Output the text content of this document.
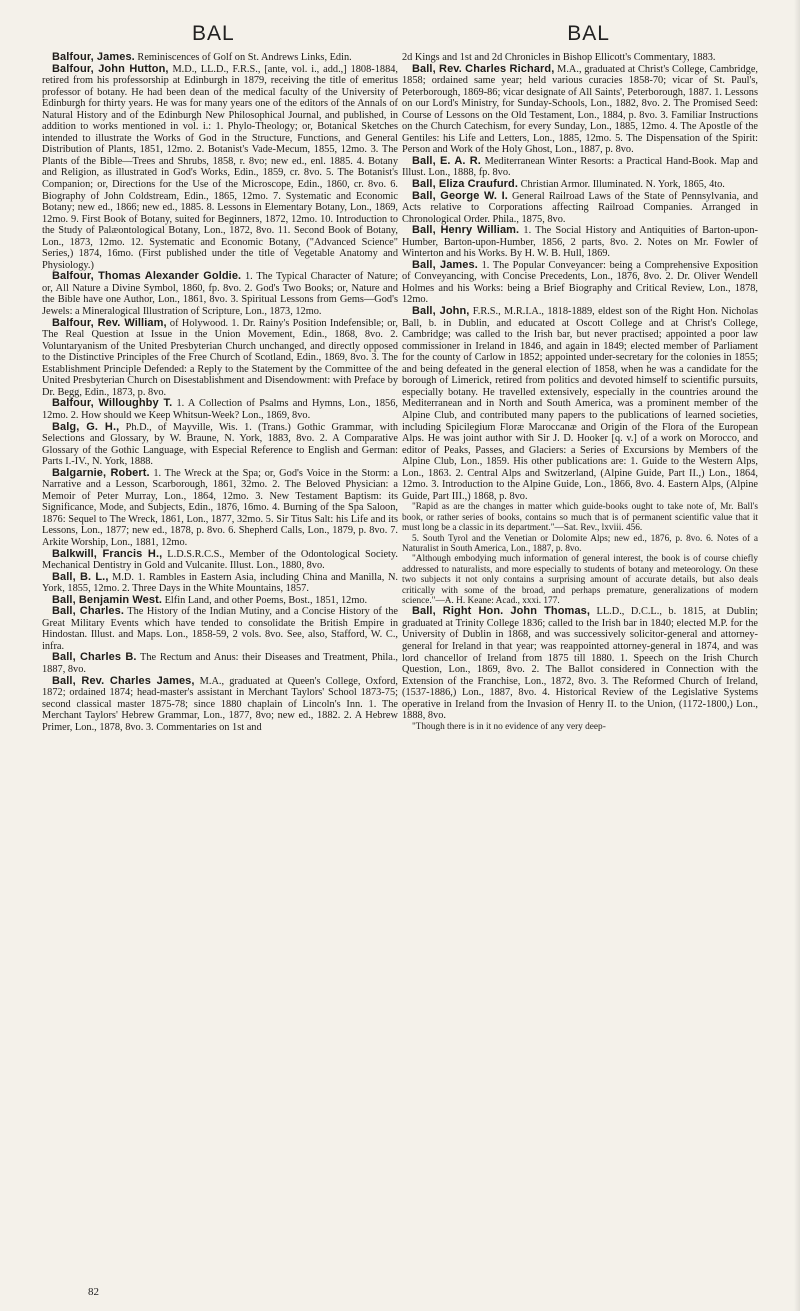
BAL	BAL
Balfour, James. Reminiscences of Golf on St. Andrews Links, Edin.
Balfour, John Hutton, M.D., LL.D., F.R.S., [ante, vol. i., add.,] 1808-1884, retired from his professorship at Edinburgh in 1879, receiving the title of emeritus professor of botany. He had been dean of the medical faculty of the University of Edinburgh for thirty years. He was for many years one of the editors of the Annals of Natural History and of the Edinburgh New Philosophical Journal, and published, in addition to works mentioned in vol. i.: 1. Phylo-Theology; or, Botanical Sketches intended to illustrate the Works of God in the Structure, Functions, and General Distribution of Plants, 1851, 12mo. 2. Botanist's Vade-Mecum, 1855, 12mo. 3. The Plants of the Bible—Trees and Shrubs, 1858, r. 8vo; new ed., enl. 1885. 4. Botany and Religion, as illustrated in God's Works, Edin., 1859, cr. 8vo. 5. The Botanist's Companion; or, Directions for the Use of the Microscope, Edin., 1860, cr. 8vo. 6. Biography of John Coldstream, Edin., 1865, 12mo. 7. Systematic and Economic Botany; new ed., 1866; new ed., 1885. 8. Lessons in Elementary Botany, Lon., 1869, 12mo. 9. First Book of Botany, suited for Beginners, 1872, 12mo. 10. Introduction to the Study of Palæontological Botany, Lon., 1872, 8vo. 11. Second Book of Botany, Lon., 1873, 12mo. 12. Systematic and Economic Botany, ("Advanced Science" Series,) 1874, 16mo. (First published under the title of Vegetable Anatomy and Physiology.)
Balfour, Thomas Alexander Goldie. 1. The Typical Character of Nature; or, All Nature a Divine Symbol, 1860, fp. 8vo. 2. God's Two Books; or, Nature and the Bible have one Author, Lon., 1861, 8vo. 3. Spiritual Lessons from Gems—God's Jewels: a Mineralogical Illustration of Scripture, Lon., 1873, 12mo.
Balfour, Rev. William, of Holywood. 1. Dr. Rainy's Position Indefensible; or, The Real Question at Issue in the Union Movement, Edin., 1868, 8vo. 2. Voluntaryanism of the United Presbyterian Church unchanged, and directly opposed to the Distinctive Principles of the Free Church of Scotland, Edin., 1869, 8vo. 3. The Establishment Principle Defended: a Reply to the Statement by the Committee of the United Presbyterian Church on Disestablishment and Disendowment: with Preface by Dr. Begg, Edin., 1873, p. 8vo.
Balfour, Willoughby T. 1. A Collection of Psalms and Hymns, Lon., 1856, 12mo. 2. How should we Keep Whitsun-Week? Lon., 1869, 8vo.
Balg, G. H., Ph.D., of Mayville, Wis. 1. (Trans.) Gothic Grammar, with Selections and Glossary, by W. Braune, N. York, 1883, 8vo. 2. A Comparative Glossary of the Gothic Language, with Especial Reference to English and German: Parts I.-IV., N. York, 1888.
Balgarnie, Robert. 1. The Wreck at the Spa; or, God's Voice in the Storm: a Narrative and a Lesson, Scarborough, 1861, 32mo. 2. The Beloved Physician: a Memoir of Peter Murray, Lon., 1864, 12mo. 3. New Testament Baptism: its Significance, Mode, and Subjects, Edin., 1876, 16mo. 4. Burning of the Spa Saloon, 1876: Sequel to The Wreck, 1861, Lon., 1877, 32mo. 5. Sir Titus Salt: his Life and its Lessons, Lon., 1877; new ed., 1878, p. 8vo. 6. Shepherd Calls, Lon., 1879, p. 8vo. 7. Arkite Worship, Lon., 1881, 12mo.
Balkwill, Francis H., L.D.S.R.C.S., Member of the Odontological Society. Mechanical Dentistry in Gold and Vulcanite. Illust. Lon., 1880, 8vo.
Ball, B. L., M.D. 1. Rambles in Eastern Asia, including China and Manilla, N. York, 1855, 12mo. 2. Three Days in the White Mountains, 1857.
Ball, Benjamin West. Elfin Land, and other Poems, Bost., 1851, 12mo.
Ball, Charles. The History of the Indian Mutiny, and a Concise History of the Great Military Events which have tended to consolidate the British Empire in Hindostan. Illust. and Maps. Lon., 1858-59, 2 vols. 8vo. See, also, Stafford, W. C., infra.
Ball, Charles B. The Rectum and Anus: their Diseases and Treatment, Phila., 1887, 8vo.
Ball, Rev. Charles James, M.A., graduated at Queen's College, Oxford, 1872; ordained 1874; head-master's assistant in Merchant Taylors' School 1873-75; second classical master 1875-78; since 1880 chaplain of Lincoln's Inn. 1. The Merchant Taylors' Hebrew Grammar, Lon., 1877, 8vo; new ed., 1882. 2. A Hebrew Primer, Lon., 1878, 8vo. 3. Commentaries on 1st and
2d Kings and 1st and 2d Chronicles in Bishop Ellicott's Commentary, 1883.
Ball, Rev. Charles Richard, M.A., graduated at Christ's College, Cambridge, 1858; ordained same year; held various curacies 1858-70; vicar of St. Paul's, Peterborough, 1869-86; vicar designate of All Saints', Peterborough, 1887. 1. Lessons on our Lord's Ministry, for Sunday-Schools, Lon., 1882, 8vo. 2. The Promised Seed: Course of Lessons on the Old Testament, Lon., 1884, p. 8vo. 3. Familiar Instructions on the Church Catechism, for every Sunday, Lon., 1885, 12mo. 4. The Apostle of the Gentiles: his Life and Letters, Lon., 1885, 12mo. 5. The Dispensation of the Spirit: Person and Work of the Holy Ghost, Lon., 1887, p. 8vo.
Ball, E. A. R. Mediterranean Winter Resorts: a Practical Hand-Book. Map and Illust. Lon., 1888, fp. 8vo.
Ball, Eliza Craufurd. Christian Armor. Illuminated. N. York, 1865, 4to.
Ball, George W. I. General Railroad Laws of the State of Pennsylvania, and Acts relative to Corporations affecting Railroad Companies. Arranged in Chronological Order. Phila., 1875, 8vo.
Ball, Henry William. 1. The Social History and Antiquities of Barton-upon-Humber, Barton-upon-Humber, 1856, 2 parts, 8vo. 2. Notes on Mr. Fowler of Winterton and his Works. By H. W. B. Hull, 1869.
Ball, James. 1. The Popular Conveyancer: being a Comprehensive Exposition of Conveyancing, with Concise Precedents, Lon., 1876, 8vo. 2. Dr. Oliver Wendell Holmes and his Works: being a Brief Biography and Critical Review, Lon., 1878, 12mo.
Ball, John, F.R.S., M.R.I.A., 1818-1889, eldest son of the Right Hon. Nicholas Ball, b. in Dublin, and educated at Oscott College and at Christ's College, Cambridge; was called to the Irish bar, but never practised; appointed a poor law commissioner in Ireland in 1846, and again in 1849; elected member of Parliament for the county of Carlow in 1852; appointed under-secretary for the colonies in 1855; and being defeated in the general election of 1858, when he was a candidate for the borough of Limerick, retired from politics and devoted himself to scientific pursuits, especially botany. He travelled extensively, especially in the countries around the Mediterranean and in North and South America, was a prominent member of the Alpine Club, and contributed many papers to the publications of learned societies, including Spicilegium Floræ Maroccanæ and Origin of the Flora of the European Alps. He was joint author with Sir J. D. Hooker [q. v.] of a work on Morocco, and editor of Peaks, Passes, and Glaciers: a Series of Excursions by Members of the Alpine Club, Lon., 1859. His other publications are: 1. Guide to the Western Alps, Lon., 1863. 2. Central Alps and Switzerland, (Alpine Guide, Part II.,) Lon., 1864, 12mo. 3. Introduction to the Alpine Guide, Lon., 1866, 8vo. 4. Eastern Alps, (Alpine Guide, Part III.,) 1868, p. 8vo.
"Rapid as are the changes in matter which guide-books ought to take note of, Mr. Ball's book, or rather series of books, contains so much that is of permanent scientific value that it must long be a classic in its department."—Sat. Rev., lxviii. 456.
5. South Tyrol and the Venetian or Dolomite Alps; new ed., 1876, p. 8vo. 6. Notes of a Naturalist in South America, Lon., 1887, p. 8vo.
"Although embodying much information of general interest, the book is of course chiefly addressed to naturalists, and more especially to students of botany and meteorology. On these two subjects it not only contains a surprising amount of accurate details, but also deals critically with some of the broad, and perhaps premature, generalizations of modern science."—A. H. Keane: Acad., xxxi. 177.
Ball, Right Hon. John Thomas, LL.D., D.C.L., b. 1815, at Dublin; graduated at Trinity College 1836; called to the Irish bar in 1840; elected M.P. for the University of Dublin in 1868, and was successively solicitor-general and attorney-general for Ireland in that year; was reappointed attorney-general in 1874, and was lord chancellor of Ireland from 1875 till 1880. 1. Speech on the Irish Church Question, Lon., 1869, 8vo. 2. The Ballot considered in Connection with the Extension of the Franchise, Lon., 1872, 8vo. 3. The Reformed Church of Ireland, (1537-1886,) Lon., 1887, 8vo. 4. Historical Review of the Legislative Systems operative in Ireland from the Invasion of Henry II. to the Union, (1172-1800,) Lon., 1888, 8vo.
"Though there is in it no evidence of any very deep-
82
